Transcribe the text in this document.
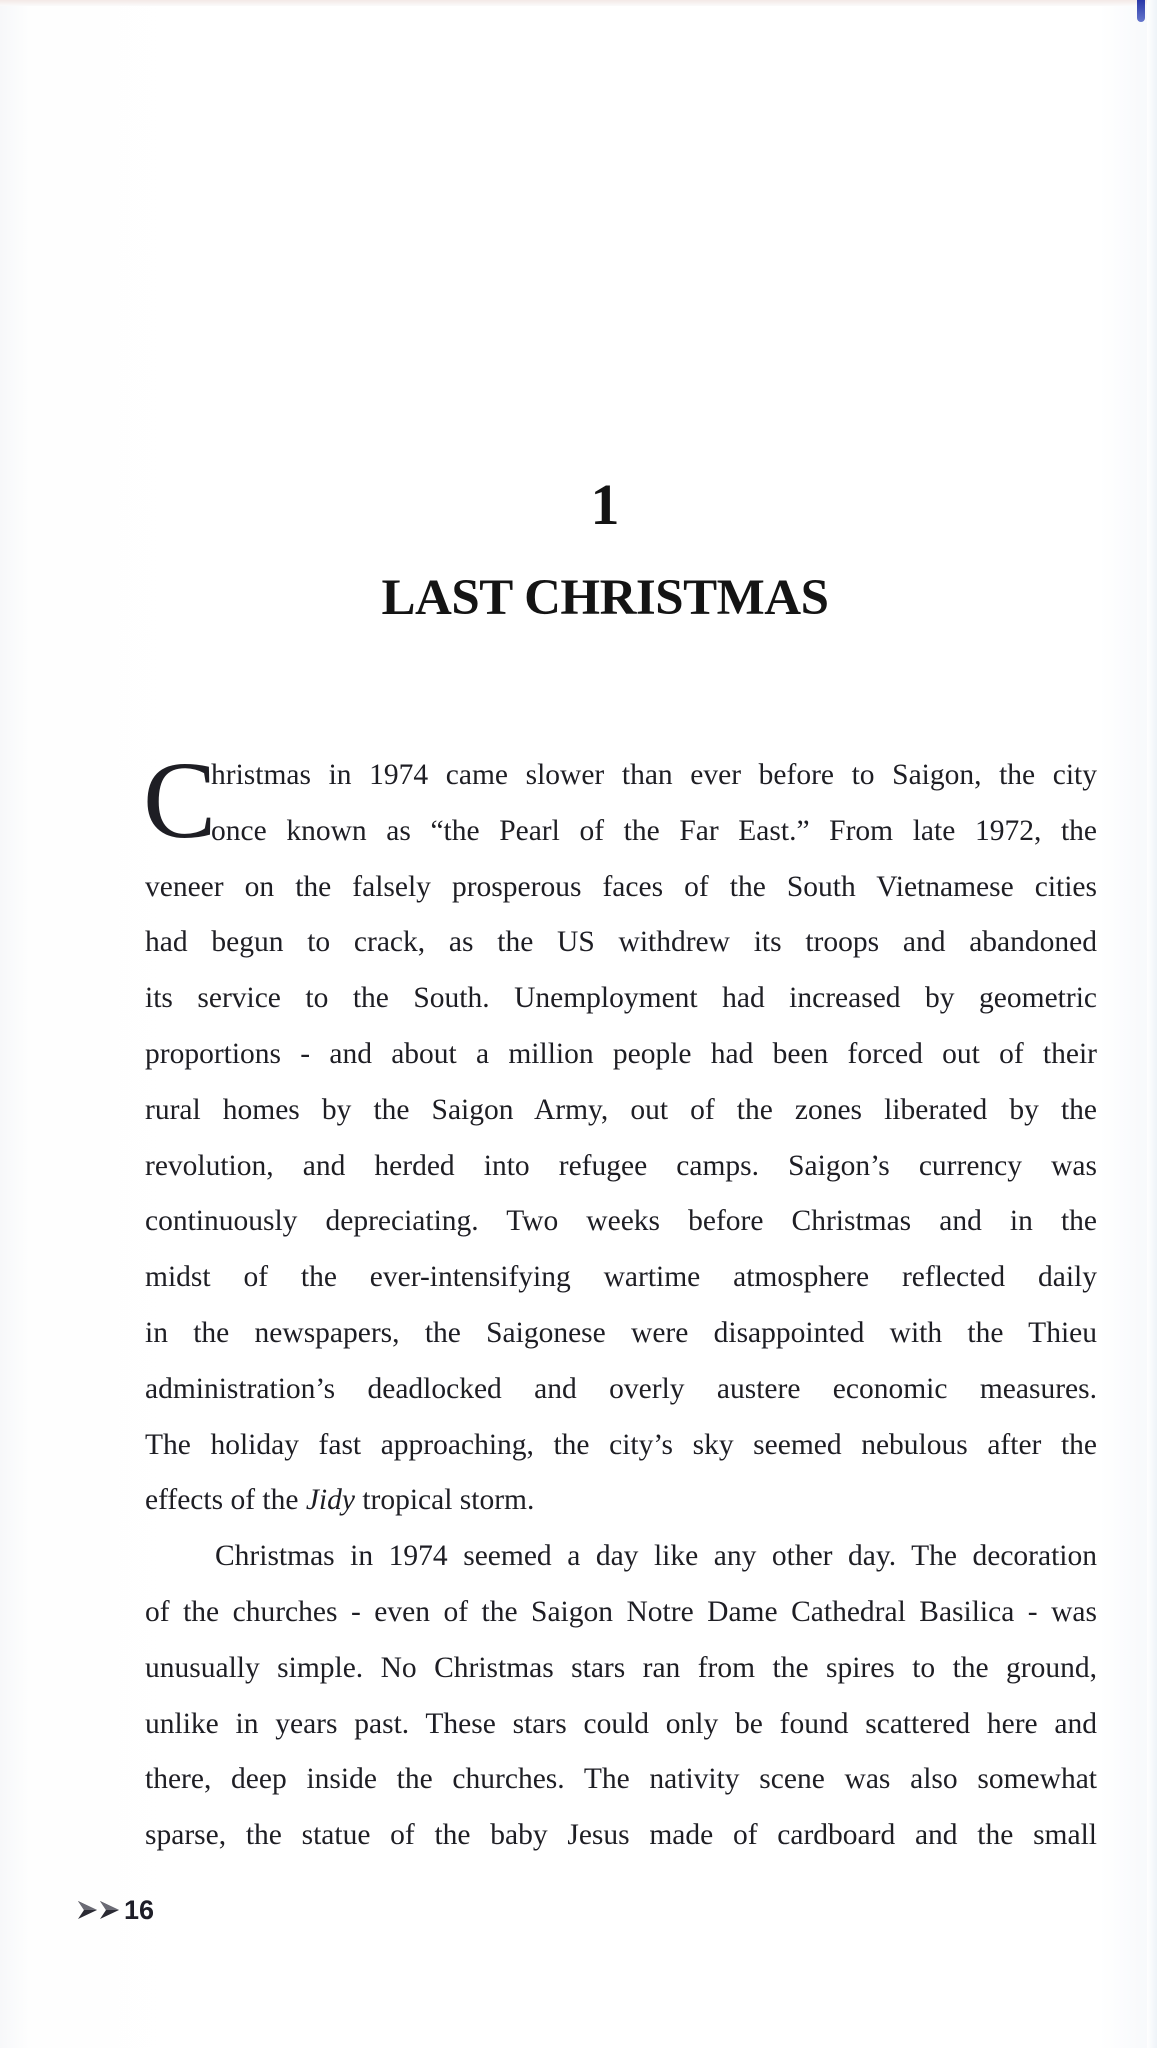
1
LAST CHRISTMAS
C
hristmas in 1974 came slower than ever before to Saigon, the city
once known as “the Pearl of the Far East.” From late 1972, the
veneer on the falsely prosperous faces of the South Vietnamese cities
had begun to crack, as the US withdrew its troops and abandoned
its service to the South. Unemployment had increased by geometric
proportions - and about a million people had been forced out of their
rural homes by the Saigon Army, out of the zones liberated by the
revolution, and herded into refugee camps. Saigon’s currency was
continuously depreciating. Two weeks before Christmas and in the
midst of the ever-intensifying wartime atmosphere reflected daily
in the newspapers, the Saigonese were disappointed with the Thieu
administration’s deadlocked and overly austere economic measures.
The holiday fast approaching, the city’s sky seemed nebulous after the
effects of the Jidy tropical storm.
Christmas in 1974 seemed a day like any other day. The decoration
of the churches - even of the Saigon Notre Dame Cathedral Basilica - was
unusually simple. No Christmas stars ran from the spires to the ground,
unlike in years past. These stars could only be found scattered here and
there, deep inside the churches. The nativity scene was also somewhat
sparse, the statue of the baby Jesus made of cardboard and the small
16
